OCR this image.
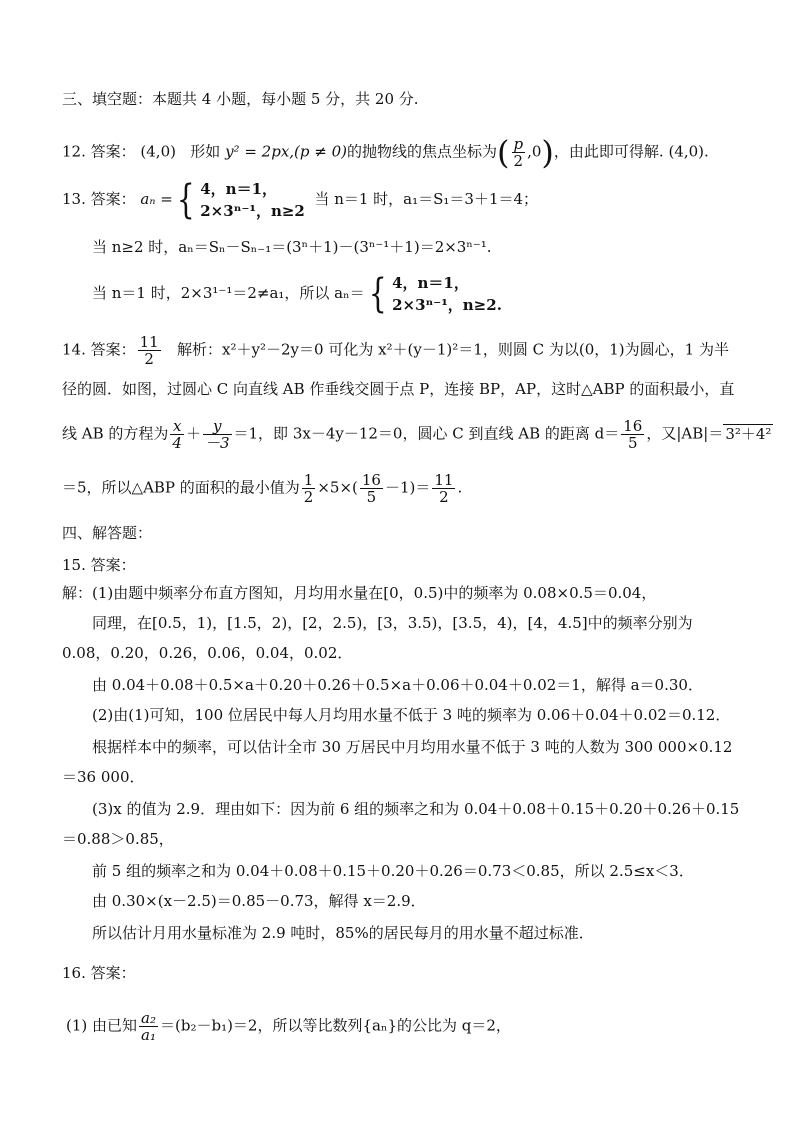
三、填空题：本题共 4 小题，每小题 5 分，共 20 分.
12. 答案： (4,0) 形如 y² = 2px,(p ≠ 0)的抛物线的焦点坐标为( $\frac{p}{2} ,0$)，由此即可得解. (4,0).
13. 答案： aₙ ={ 4，n＝1，
2×3ⁿ⁻¹，n≥2
当 n＝1 时，a₁＝S₁＝3＋1＝4；
当 n≥2 时，aₙ＝Sₙ－Sₙ₋₁＝(3ⁿ＋1)－(3ⁿ⁻¹＋1)＝2×3ⁿ⁻¹.
当 n＝1 时，2×3¹⁻¹＝2≠a₁，所以 aₙ＝{ 4，n＝1，
2×3ⁿ⁻¹，n≥2.
14. 答案： $\frac{11}{2}$ 解析：x²＋y²－2y＝0 可化为 x²＋(y－1)²＝1，则圆 C 为以(0，1)为圆心，1 为半
径的圆．如图，过圆心 C 向直线 AB 作垂线交圆于点 P，连接 BP，AP，这时△ABP 的面积最小，直
线 AB 的方程为 $\frac{x}{4} + \frac{y}{-3} =1$，即 3x－4y－12＝0，圆心 C 到直线 AB 的距离 $d= \frac{16}{5}$ ，又|AB|＝ 3²＋4²
＝5，所以△ABP 的面积的最小值为 $\frac{1}{2} \times 5\times( \frac{16}{5} -1)= \frac{11}{2}$ .
四、解答题：
15. 答案：
解：(1)由题中频率分布直方图知，月均用水量在[0，0.5)中的频率为 0.08×0.5＝0.04，
同理，在[0.5，1)，[1.5，2)，[2，2.5)，[3，3.5)，[3.5，4)，[4，4.5]中的频率分别为
0.08，0.20，0.26，0.06，0.04，0.02．
由 0.04＋0.08＋0.5×a＋0.20＋0.26＋0.5×a＋0.06＋0.04＋0.02＝1，解得 a＝0.30．
(2)由(1)可知，100 位居民中每人月均用水量不低于 3 吨的频率为 0.06＋0.04＋0.02＝0.12．
根据样本中的频率，可以估计全市 30 万居民中月均用水量不低于 3 吨的人数为 300 000×0.12
＝36 000．
(3)x 的值为 2.9．理由如下：因为前 6 组的频率之和为 0.04＋0.08＋0.15＋0.20＋0.26＋0.15
＝0.88＞0.85，
前 5 组的频率之和为 0.04＋0.08＋0.15＋0.20＋0.26＝0.73＜0.85，所以 2.5≤x＜3．
由 0.30×(x－2.5)＝0.85－0.73，解得 x＝2.9．
所以估计月用水量标准为 2.9 吨时，85%的居民每月的用水量不超过标准．
16. 答案：
(1) 由已知 $\frac{\text{a₂}}{\text{a₁}} =(b_2-b_1)=2$，所以等比数列{aₙ}的公比为 q＝2，
